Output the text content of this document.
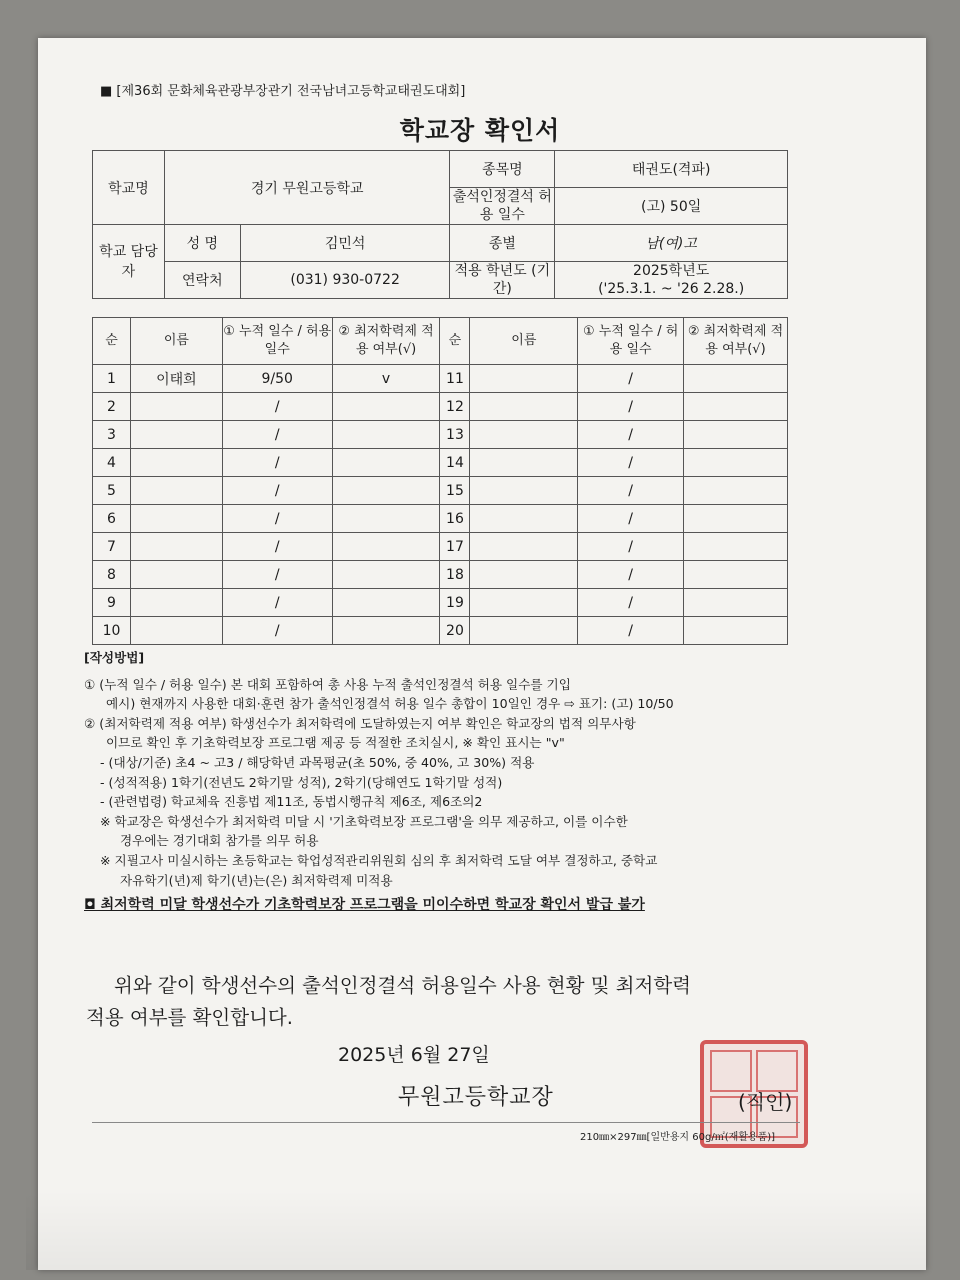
■ [제36회 문화체육관광부장관기 전국남녀고등학교태권도대회]
학교장 확인서
학교명	경기 무원고등학교		종목명	태권도(격파)
			출석인정결석 허용 일수	(고) 50일
학교 담당자	성 명	김민석	종별	남(여)고
	연락처	(031) 930-0722	적용 학년도 (기간)	2025학년도
('25.3.1. ~ '26 2.28.)
순	이름	① 누적 일수 / 허용 일수	② 최저학력제 적용 여부(√)	순	이름	① 누적 일수 / 허용 일수	② 최저학력제 적용 여부(√)
1	이태희	9/50	v	11		/	
2		/		12		/	
3		/		13		/	
4		/		14		/	
5		/		15		/	
6		/		16		/	
7		/		17		/	
8		/		18		/	
9		/		19		/	
10		/		20		/	

[작성방법]

① (누적 일수 / 허용 일수) 본 대회 포함하여 총 사용 누적 출석인정결석 허용 일수를 기입

예시) 현재까지 사용한 대회·훈련 참가 출석인정결석 허용 일수 총합이 10일인 경우 ⇨ 표기: (고) 10/50

② (최저학력제 적용 여부) 학생선수가 최저학력에 도달하였는지 여부 확인은 학교장의 법적 의무사항

이므로 확인 후 기초학력보장 프로그램 제공 등 적절한 조치실시, ※ 확인 표시는 "v"

- (대상/기준) 초4 ~ 고3 / 해당학년 과목평균(초 50%, 중 40%, 고 30%) 적용

- (성적적용) 1학기(전년도 2학기말 성적), 2학기(당해연도 1학기말 성적)

- (관련법령) 학교체육 진흥법 제11조, 동법시행규칙 제6조, 제6조의2

※ 학교장은 학생선수가 최저학력 미달 시 '기초학력보장 프로그램'을 의무 제공하고, 이를 이수한

경우에는 경기대회 참가를 의무 허용

※ 지필고사 미실시하는 초등학교는 학업성적관리위원회 심의 후 최저학력 도달 여부 결정하고, 중학교

자유학기(년)제 학기(년)는(은) 최저학력제 미적용

◘ 최저학력 미달 학생선수가 기초학력보장 프로그램을 미이수하면 학교장 확인서 발급 불가

위와 같이 학생선수의 출석인정결석 허용일수 사용 현황 및 최저학력

적용 여부를 확인합니다.

2025년 6월 27일
무원고등학교장	(직인)
210㎜×297㎜[일반용지 60g/㎡(재활용품)]
